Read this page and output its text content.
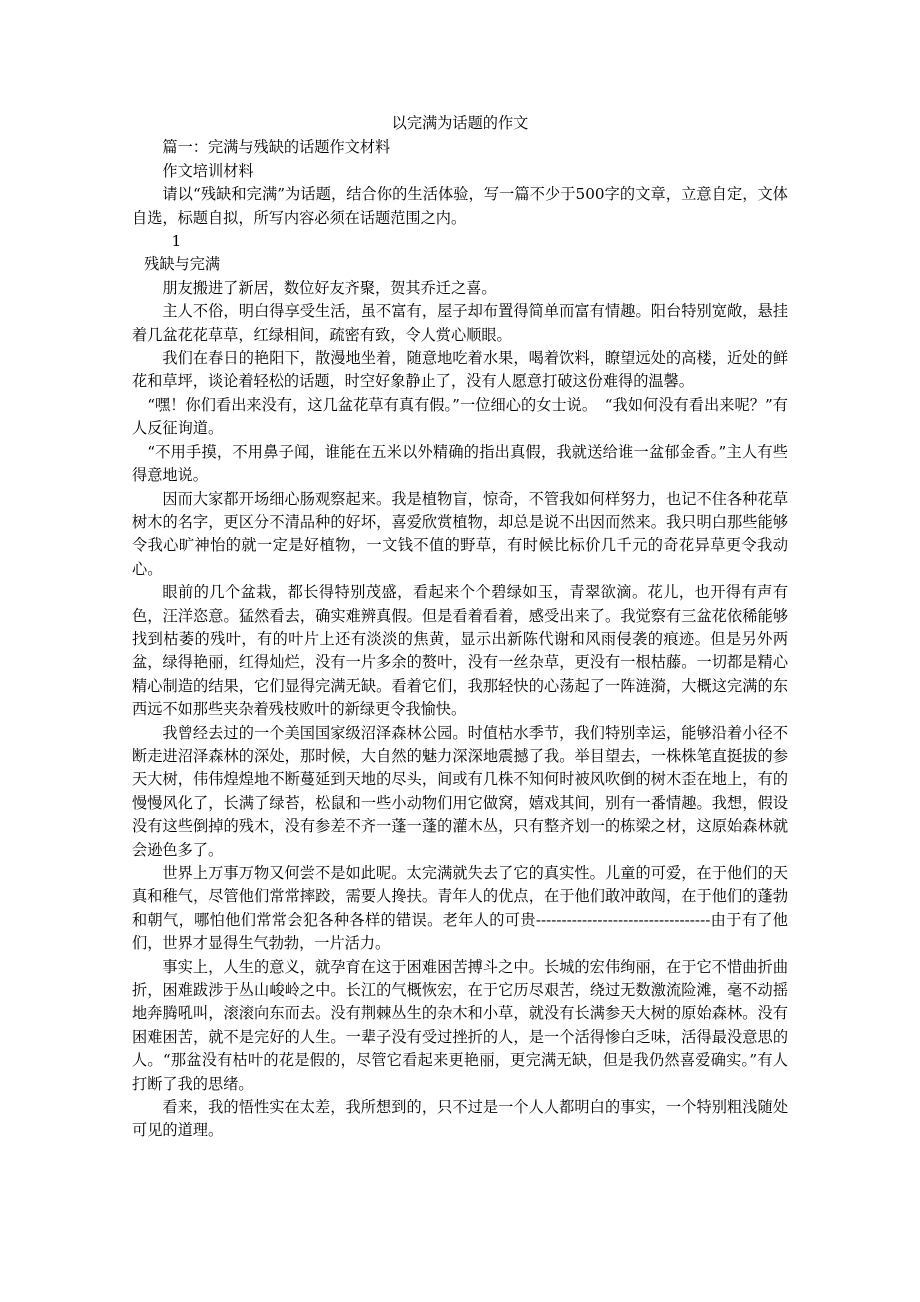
以完满为话题的作文

篇一：完满与残缺的话题作文材料

作文培训材料

请以“残缺和完满”为话题，结合你的生活体验，写一篇不少于500字的文章，立意自定，文体自选，标题自拟，所写内容必须在话题范围之内。

1

残缺与完满

朋友搬进了新居，数位好友齐聚，贺其乔迁之喜。

主人不俗，明白得享受生活，虽不富有，屋子却布置得简单而富有情趣。阳台特别宽敞，悬挂着几盆花花草草，红绿相间，疏密有致，令人赏心顺眼。

我们在春日的艳阳下，散漫地坐着，随意地吃着水果，喝着饮料，瞭望远处的高楼，近处的鲜花和草坪，谈论着轻松的话题，时空好象静止了，没有人愿意打破这份难得的温馨。

“嘿！你们看出来没有，这几盆花草有真有假。”一位细心的女士说。　“我如何没有看出来呢？”有人反征询道。

“不用手摸，不用鼻子闻，谁能在五米以外精确的指出真假，我就送给谁一盆郁金香。”主人有些得意地说。

因而大家都开场细心肠观察起来。我是植物盲，惊奇，不管我如何样努力，也记不住各种花草树木的名字，更区分不清品种的好坏，喜爱欣赏植物，却总是说不出因而然来。我只明白那些能够令我心旷神怡的就一定是好植物，一文钱不值的野草，有时候比标价几千元的奇花异草更令我动心。

眼前的几个盆栽，都长得特别茂盛，看起来个个碧绿如玉，青翠欲滴。花儿，也开得有声有色，汪洋恣意。猛然看去，确实难辨真假。但是看着看着，感受出来了。我觉察有三盆花依稀能够找到枯萎的残叶，有的叶片上还有淡淡的焦黄，显示出新陈代谢和风雨侵袭的痕迹。但是另外两盆，绿得艳丽，红得灿烂，没有一片多余的赘叶，没有一丝杂草，更没有一根枯藤。一切都是精心精心制造的结果，它们显得完满无缺。看着它们，我那轻快的心荡起了一阵涟漪，大概这完满的东西远不如那些夹杂着残枝败叶的新绿更令我愉快。

我曾经去过的一个美国国家级沼泽森林公园。时值枯水季节，我们特别幸运，能够沿着小径不断走进沼泽森林的深处，那时候，大自然的魅力深深地震撼了我。举目望去，一株株笔直挺拔的参天大树，伟伟煌煌地不断蔓延到天地的尽头，间或有几株不知何时被风吹倒的树木歪在地上，有的慢慢风化了，长满了绿苔，松鼠和一些小动物们用它做窝，嬉戏其间，别有一番情趣。我想，假设没有这些倒掉的残木，没有参差不齐一蓬一蓬的灌木丛，只有整齐划一的栋梁之材，这原始森林就会逊色多了。

世界上万事万物又何尝不是如此呢。太完满就失去了它的真实性。儿童的可爱，在于他们的天真和稚气，尽管他们常常摔跤，需要人搀扶。青年人的优点，在于他们敢冲敢闯，在于他们的蓬勃和朝气，哪怕他们常常会犯各种各样的错误。老年人的可贵----------------------------------由于有了他们，世界才显得生气勃勃，一片活力。

事实上，人生的意义，就孕育在这于困难困苦搏斗之中。长城的宏伟绚丽，在于它不惜曲折曲折，困难跋涉于丛山峻岭之中。长江的气概恢宏，在于它历尽艰苦，绕过无数激流险滩，毫不动摇地奔腾吼叫，滚滚向东而去。没有荆棘丛生的杂木和小草，就没有长满参天大树的原始森林。没有困难困苦，就不是完好的人生。一辈子没有受过挫折的人，是一个活得惨白乏味，活得最没意思的人。“那盆没有枯叶的花是假的，尽管它看起来更艳丽，更完满无缺，但是我仍然喜爱确实。”有人打断了我的思绪。

看来，我的悟性实在太差，我所想到的，只不过是一个人人都明白的事实，一个特别粗浅随处可见的道理。
